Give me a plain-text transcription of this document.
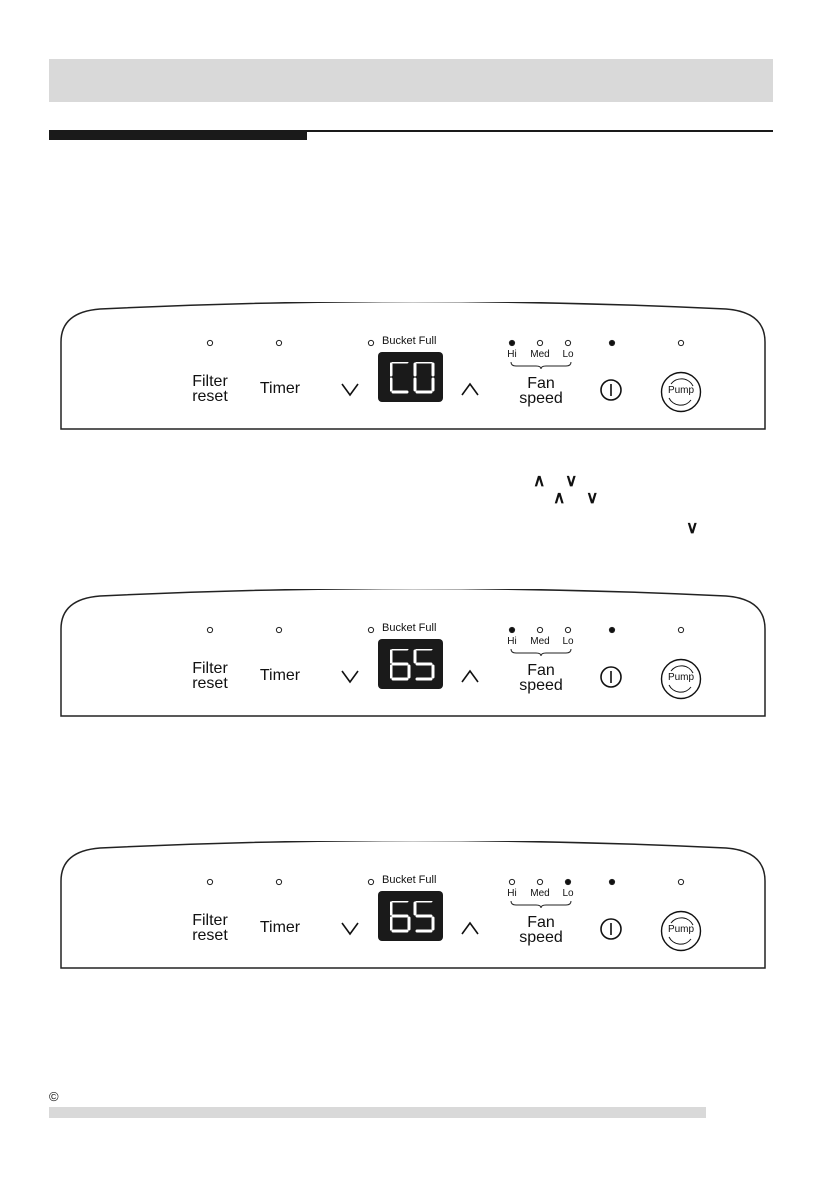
Bucket Full
Hi	Med	Lo
Filter
reset	Timer	Fan
speed	Pump
Bucket Full
Hi	Med	Lo
Filter
reset	Timer	Fan
speed	Pump
Bucket Full
Hi	Med	Lo
Filter
reset	Timer	Fan
speed	Pump
∧ ∨
∧ ∨
∨
©
